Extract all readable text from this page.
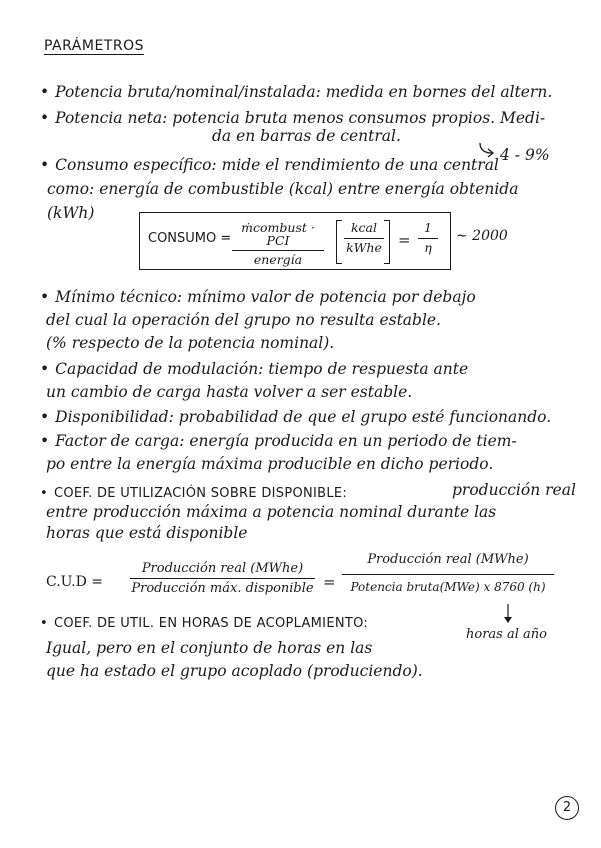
PARÁMETROS
• Potencia bruta/nominal/instalada: medida en bornes del altern.
• Potencia neta: potencia bruta menos consumos propios. Medi-
da en barras de central.
4 - 9%
• Consumo específico: mide el rendimiento de una central
como: energía de combustible (kcal) entre energía obtenida
(kWh)
CONSUMO =
ṁcombust · PCI
energía
kcal
kWhe =
1
η
∼ 2000
• Mínimo técnico: mínimo valor de potencia por debajo
del cual la operación del grupo no resulta estable.
(% respecto de la potencia nominal).
• Capacidad de modulación: tiempo de respuesta ante
un cambio de carga hasta volver a ser estable.
• Disponibilidad: probabilidad de que el grupo esté funcionando.
• Factor de carga: energía producida en un periodo de tiem-
po entre la energía máxima producible en dicho periodo.
• COEF. DE UTILIZACIÓN SOBRE DISPONIBLE:	producción real
entre producción máxima a potencia nominal durante las
horas que está disponible
C.U.D =
Producción real (MWhe)
Producción máx. disponible =
Producción real (MWhe)
Potencia bruta(MWe) x 8760 (h)
horas al año
• COEF. DE UTIL. EN HORAS DE ACOPLAMIENTO:
Igual, pero en el conjunto de horas en las
que ha estado el grupo acoplado (produciendo).
2
